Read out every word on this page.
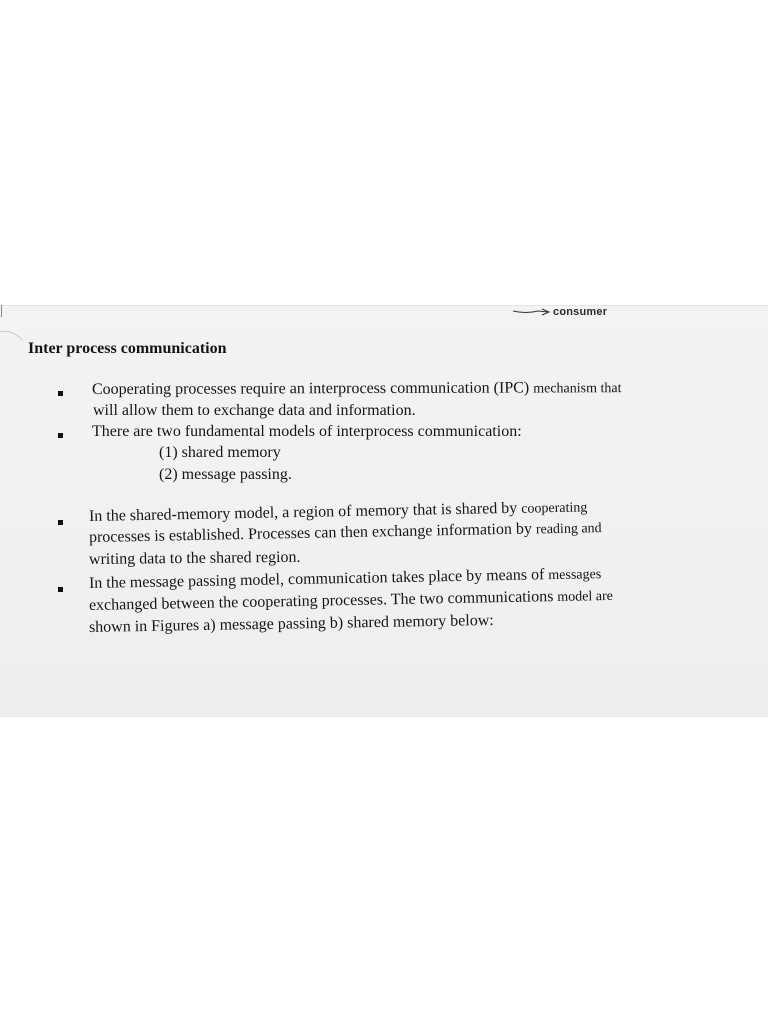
consumer
Inter process communication
Cooperating processes require an interprocess communication (IPC) mechanism that
will allow them to exchange data and information.
There are two fundamental models of interprocess communication:
(1) shared memory
(2) message passing.
In the shared-memory model, a region of memory that is shared by cooperating
processes is established. Processes can then exchange information by reading and
writing data to the shared region.
In the message passing model, communication takes place by means of messages
exchanged between the cooperating processes. The two communications model are
shown in Figures a) message passing b) shared memory below:
